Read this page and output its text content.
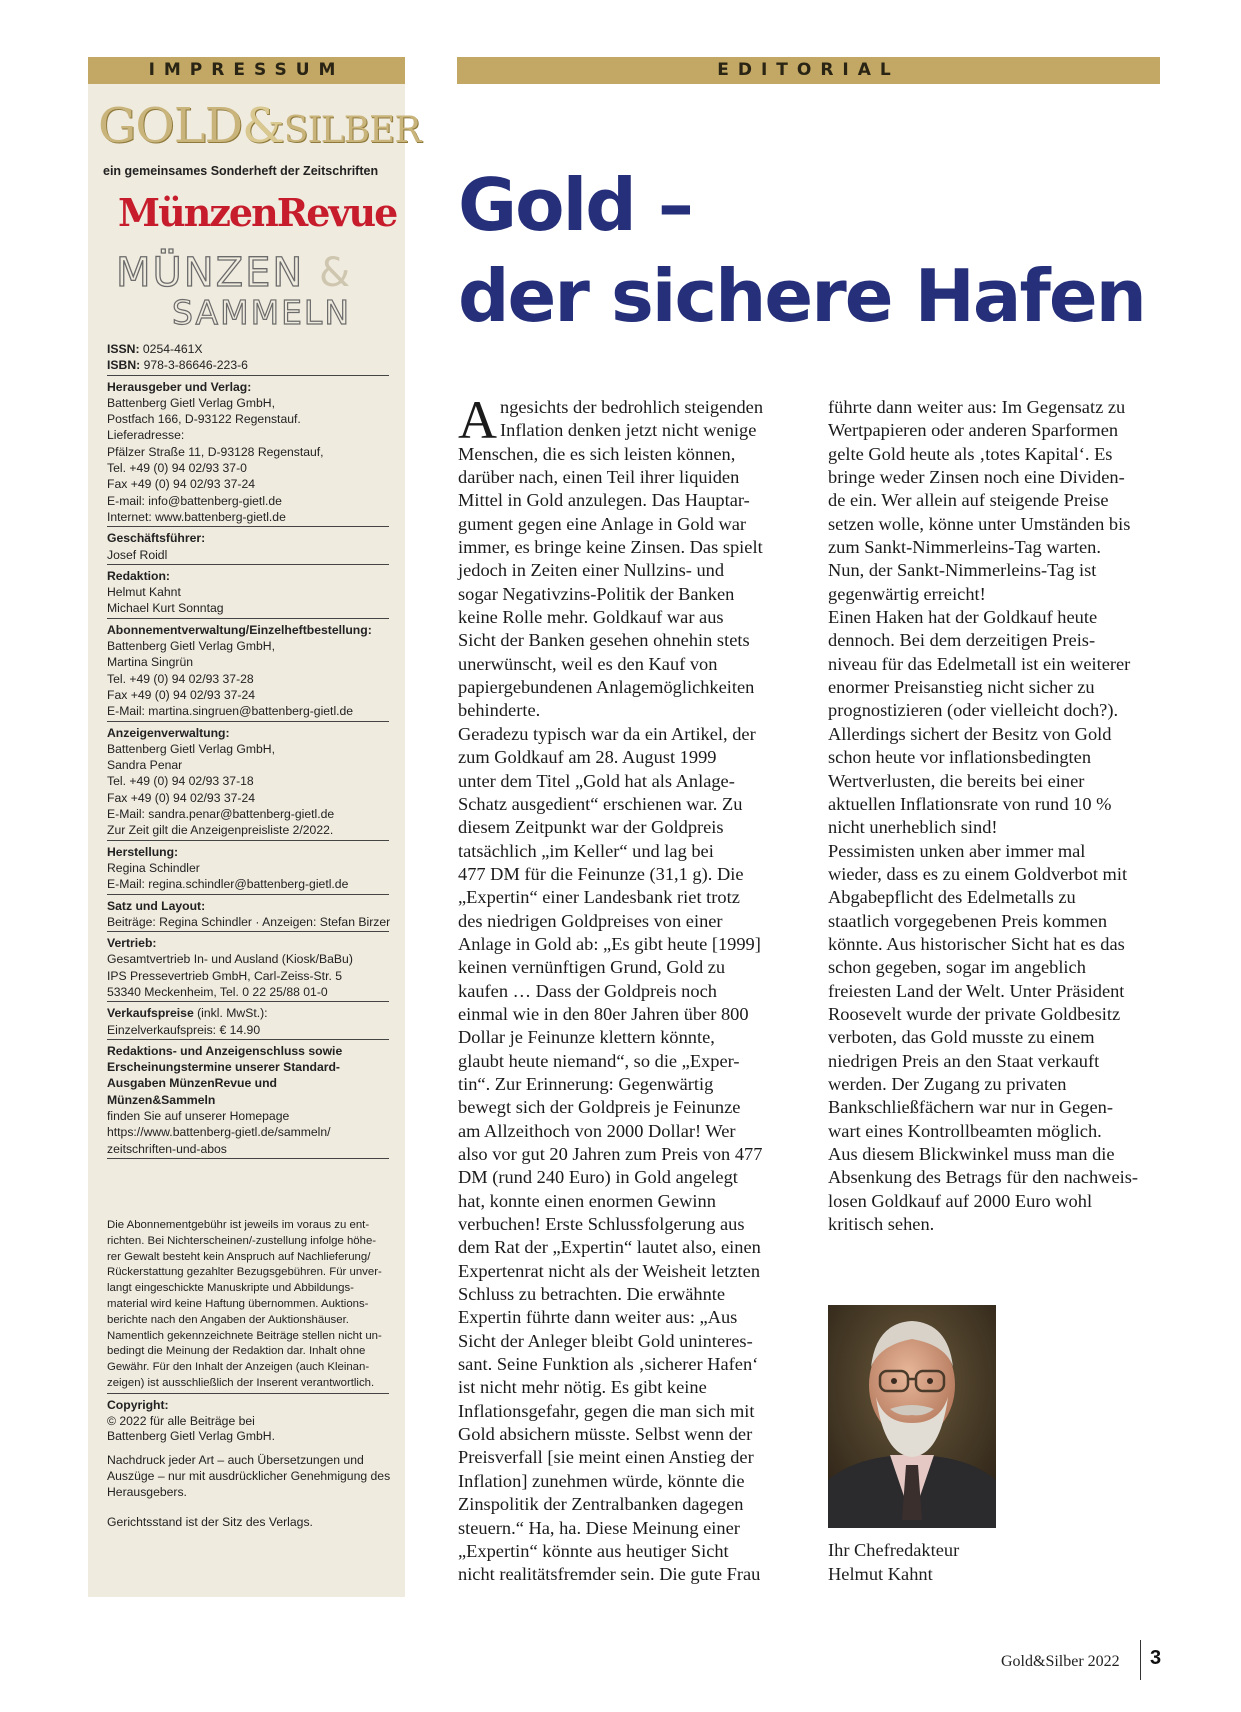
IMPRESSUM	EDITORIAL
GOLD&SILBER
ein gemeinsames Sonderheft der Zeitschriften
MünzenRevue
MÜNZEN &
SAMMELN
ISSN: 0254-461X
ISBN: 978-3-86646-223-6
Herausgeber und Verlag:
Battenberg Gietl Verlag GmbH,
Postfach 166, D-93122 Regenstauf.
Lieferadresse:
Pfälzer Straße 11, D-93128 Regenstauf,
Tel. +49 (0) 94 02/93 37-0
Fax +49 (0) 94 02/93 37-24
E-mail: info@battenberg-gietl.de
Internet: www.battenberg-gietl.de
Geschäftsführer:
Josef Roidl
Redaktion:
Helmut Kahnt
Michael Kurt Sonntag
Abonnementverwaltung/Einzelheftbestellung:
Battenberg Gietl Verlag GmbH,
Martina Singrün
Tel. +49 (0) 94 02/93 37-28
Fax +49 (0) 94 02/93 37-24
E-Mail: martina.singruen@battenberg-gietl.de
Anzeigenverwaltung:
Battenberg Gietl Verlag GmbH,
Sandra Penar
Tel. +49 (0) 94 02/93 37-18
Fax +49 (0) 94 02/93 37-24
E-Mail: sandra.penar@battenberg-gietl.de
Zur Zeit gilt die Anzeigenpreisliste 2/2022.
Herstellung:
Regina Schindler
E-Mail: regina.schindler@battenberg-gietl.de
Satz und Layout:
Beiträge: Regina Schindler · Anzeigen: Stefan Birzer
Vertrieb:
Gesamtvertrieb In- und Ausland (Kiosk/BaBu)
IPS Pressevertrieb GmbH, Carl-Zeiss-Str. 5
53340 Meckenheim, Tel. 0 22 25/88 01-0
Verkaufspreise (inkl. MwSt.):
Einzelverkaufspreis: € 14.90
Redaktions- und Anzeigenschluss sowie
Erscheinungstermine unserer Standard-
Ausgaben MünzenRevue und
Münzen&Sammeln
finden Sie auf unserer Homepage
https://www.battenberg-gietl.de/sammeln/
zeitschriften-und-abos
Die Abonnementgebühr ist jeweils im voraus zu ent-
richten. Bei Nichterscheinen/-zustellung infolge höhe-
rer Gewalt besteht kein Anspruch auf Nachlieferung/
Rückerstattung gezahlter Bezugsgebühren. Für unver-
langt eingeschickte Manuskripte und Abbildungs-
material wird keine Haftung übernommen. Auktions-
berichte nach den Angaben der Auktionshäuser.
Namentlich gekennzeichnete Beiträge stellen nicht un-
bedingt die Meinung der Redaktion dar. Inhalt ohne
Gewähr. Für den Inhalt der Anzeigen (auch Kleinan-
zeigen) ist ausschließlich der Inserent verantwortlich.
Copyright:
© 2022 für alle Beiträge bei
Battenberg Gietl Verlag GmbH.
Nachdruck jeder Art – auch Übersetzungen und
Auszüge – nur mit ausdrücklicher Genehmigung des
Herausgebers.
Gerichtsstand ist der Sitz des Verlags.
Gold –
der sichere Hafen
A ngesichts der bedrohlich steigenden
Inflation denken jetzt nicht wenige
Menschen, die es sich leisten können,
darüber nach, einen Teil ihrer liquiden
Mittel in Gold anzulegen. Das Hauptar-
gument gegen eine Anlage in Gold war
immer, es bringe keine Zinsen. Das spielt
jedoch in Zeiten einer Nullzins- und
sogar Negativzins-Politik der Banken
keine Rolle mehr. Goldkauf war aus
Sicht der Banken gesehen ohnehin stets
unerwünscht, weil es den Kauf von
papiergebundenen Anlagemöglichkeiten
behinderte.
Geradezu typisch war da ein Artikel, der
zum Goldkauf am 28. August 1999
unter dem Titel „Gold hat als Anlage-
Schatz ausgedient“ erschienen war. Zu
diesem Zeitpunkt war der Goldpreis
tatsächlich „im Keller“ und lag bei
477 DM für die Feinunze (31,1 g). Die
„Expertin“ einer Landesbank riet trotz
des niedrigen Goldpreises von einer
Anlage in Gold ab: „Es gibt heute [1999]
keinen vernünftigen Grund, Gold zu
kaufen … Dass der Goldpreis noch
einmal wie in den 80er Jahren über 800
Dollar je Feinunze klettern könnte,
glaubt heute niemand“, so die „Exper-
tin“. Zur Erinnerung: Gegenwärtig
bewegt sich der Goldpreis je Feinunze
am Allzeithoch von 2000 Dollar! Wer
also vor gut 20 Jahren zum Preis von 477
DM (rund 240 Euro) in Gold angelegt
hat, konnte einen enormen Gewinn
verbuchen! Erste Schlussfolgerung aus
dem Rat der „Expertin“ lautet also, einen
Expertenrat nicht als der Weisheit letzten
Schluss zu betrachten. Die erwähnte
Expertin führte dann weiter aus: „Aus
Sicht der Anleger bleibt Gold uninteres-
sant. Seine Funktion als ‚sicherer Hafen‘
ist nicht mehr nötig. Es gibt keine
Inflationsgefahr, gegen die man sich mit
Gold absichern müsste. Selbst wenn der
Preisverfall [sie meint einen Anstieg der
Inflation] zunehmen würde, könnte die
Zinspolitik der Zentralbanken dagegen
steuern.“ Ha, ha. Diese Meinung einer
„Expertin“ könnte aus heutiger Sicht
nicht realitätsfremder sein. Die gute Frau
führte dann weiter aus: Im Gegensatz zu
Wertpapieren oder anderen Sparformen
gelte Gold heute als ‚totes Kapital‘. Es
bringe weder Zinsen noch eine Dividen-
de ein. Wer allein auf steigende Preise
setzen wolle, könne unter Umständen bis
zum Sankt-Nimmerleins-Tag warten.
Nun, der Sankt-Nimmerleins-Tag ist
gegenwärtig erreicht!
Einen Haken hat der Goldkauf heute
dennoch. Bei dem derzeitigen Preis-
niveau für das Edelmetall ist ein weiterer
enormer Preisanstieg nicht sicher zu
prognostizieren (oder vielleicht doch?).
Allerdings sichert der Besitz von Gold
schon heute vor inflationsbedingten
Wertverlusten, die bereits bei einer
aktuellen Inflationsrate von rund 10 %
nicht unerheblich sind!
Pessimisten unken aber immer mal
wieder, dass es zu einem Goldverbot mit
Abgabepflicht des Edelmetalls zu
staatlich vorgegebenen Preis kommen
könnte. Aus historischer Sicht hat es das
schon gegeben, sogar im angeblich
freiesten Land der Welt. Unter Präsident
Roosevelt wurde der private Goldbesitz
verboten, das Gold musste zu einem
niedrigen Preis an den Staat verkauft
werden. Der Zugang zu privaten
Bankschließfächern war nur in Gegen-
wart eines Kontrollbeamten möglich.
Aus diesem Blickwinkel muss man die
Absenkung des Betrags für den nachweis-
losen Goldkauf auf 2000 Euro wohl
kritisch sehen.
Ihr Chefredakteur
Helmut Kahnt
Gold&Silber 2022 3
